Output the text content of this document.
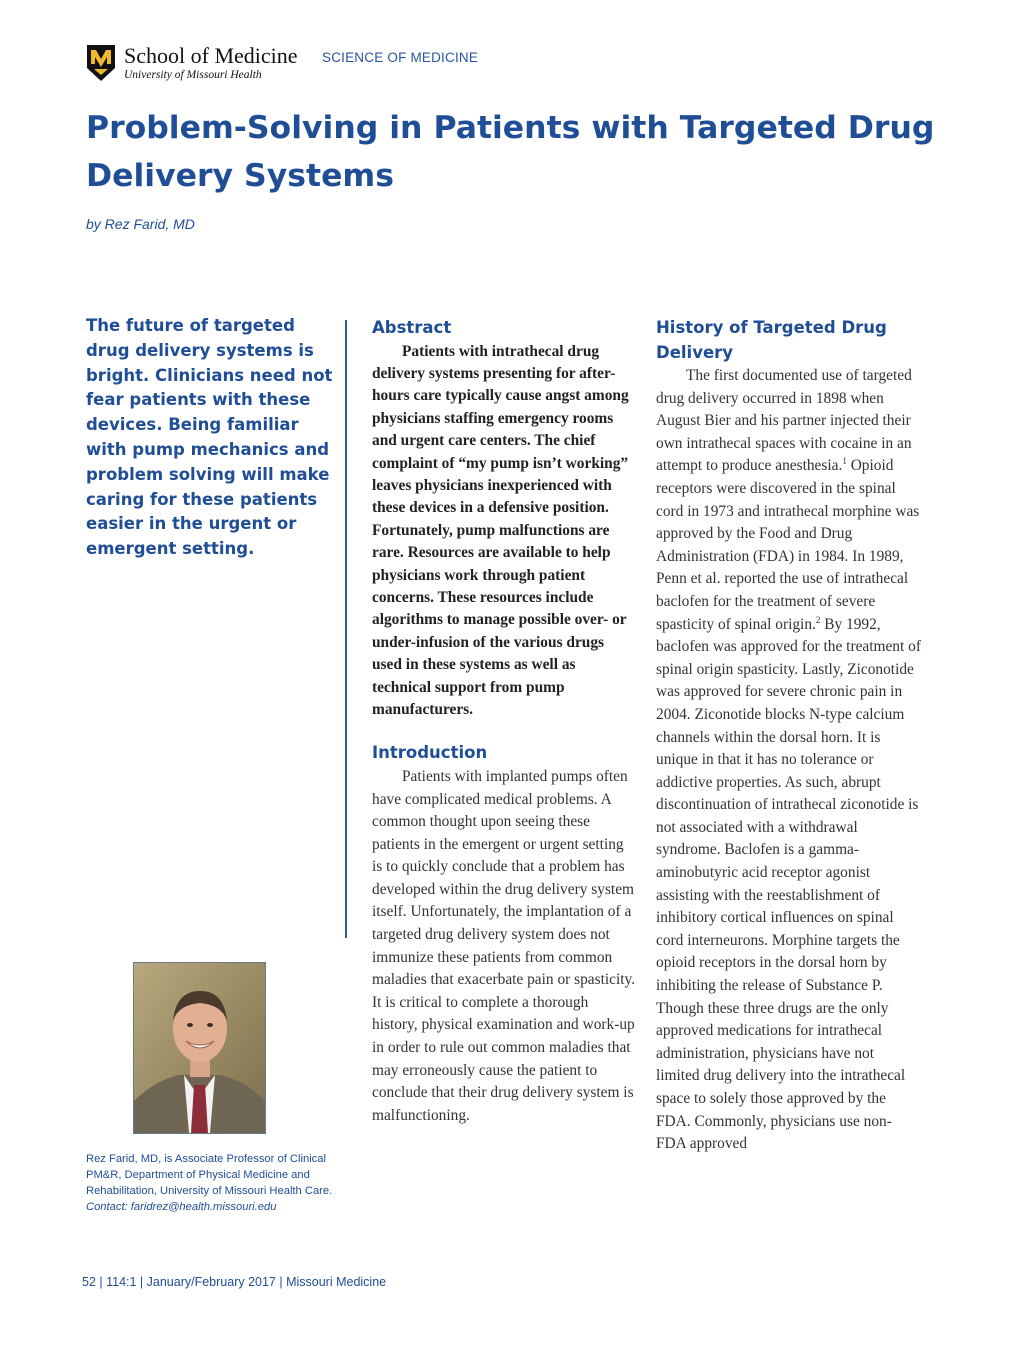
School of Medicine
University of Missouri Health
SCIENCE OF MEDICINE
Problem-Solving in Patients with Targeted Drug Delivery Systems
by Rez Farid, MD
The future of targeted drug delivery systems is bright. Clinicians need not fear patients with these devices. Being familiar with pump mechanics and problem solving will make caring for these patients easier in the urgent or emergent setting.
Rez Farid, MD, is Associate Professor of Clinical PM&R, Department of Physical Medicine and Rehabilitation, University of Missouri Health Care.
Contact: faridrez@health.missouri.edu
Abstract

Patients with intrathecal drug delivery systems presenting for after-hours care typically cause angst among physicians staffing emergency rooms and urgent care centers. The chief complaint of “my pump isn’t working” leaves physicians inexperienced with these devices in a defensive position. Fortunately, pump malfunctions are rare. Resources are available to help physicians work through patient concerns. These resources include algorithms to manage possible over- or under-infusion of the various drugs used in these systems as well as technical support from pump manufacturers.

Introduction

Patients with implanted pumps often have complicated medical problems. A common thought upon seeing these patients in the emergent or urgent setting is to quickly conclude that a problem has developed within the drug delivery system itself. Unfortunately, the implantation of a targeted drug delivery system does not immunize these patients from common maladies that exacerbate pain or spasticity. It is critical to complete a thorough history, physical examination and work-up in order to rule out common maladies that may erroneously cause the patient to conclude that their drug delivery system is malfunctioning.

History of Targeted Drug Delivery

The first documented use of targeted drug delivery occurred in 1898 when August Bier and his partner injected their own intrathecal spaces with cocaine in an attempt to produce anesthesia.$^1$ Opioid receptors were discovered in the spinal cord in 1973 and intrathecal morphine was approved by the Food and Drug Administration (FDA) in 1984. In 1989, Penn et al. reported the use of intrathecal baclofen for the treatment of severe spasticity of spinal origin.$^2$ By 1992, baclofen was approved for the treatment of spinal origin spasticity. Lastly, Ziconotide was approved for severe chronic pain in 2004. Ziconotide blocks N-type calcium channels within the dorsal horn. It is unique in that it has no tolerance or addictive properties. As such, abrupt discontinuation of intrathecal ziconotide is not associated with a withdrawal syndrome. Baclofen is a gamma-aminobutyric acid receptor agonist assisting with the reestablishment of inhibitory cortical influences on spinal cord interneurons. Morphine targets the opioid receptors in the dorsal horn by inhibiting the release of Substance P. Though these three drugs are the only approved medications for intrathecal administration, physicians have not limited drug delivery into the intrathecal space to solely those approved by the FDA. Commonly, physicians use non-FDA approved

52 | 114:1 | January/February 2017 | Missouri Medicine
